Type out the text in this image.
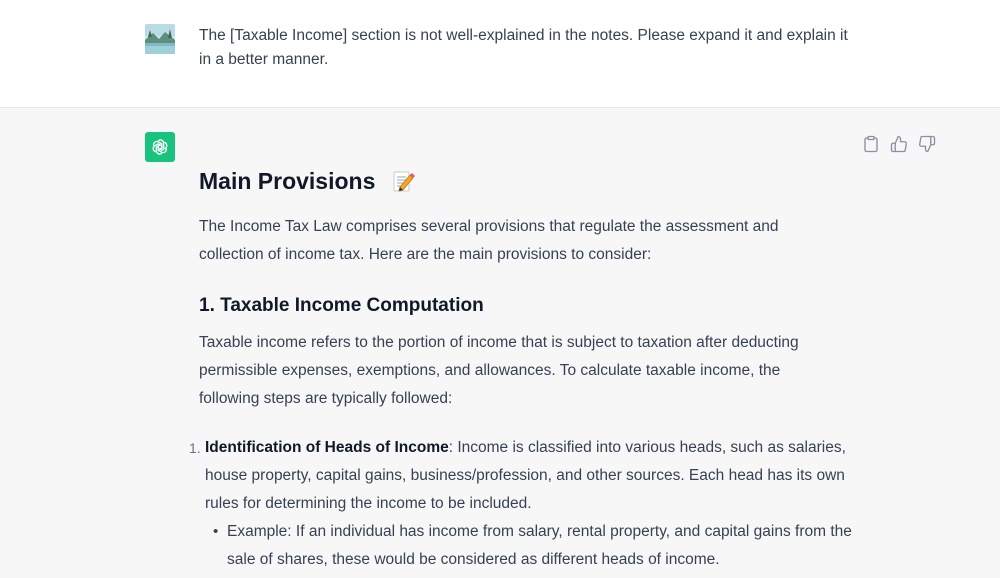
The [Taxable Income] section is not well-explained in the notes. Please expand it and explain it in a better manner.
Main Provisions
The Income Tax Law comprises several provisions that regulate the assessment and collection of income tax. Here are the main provisions to consider:
1. Taxable Income Computation
Taxable income refers to the portion of income that is subject to taxation after deducting permissible expenses, exemptions, and allowances. To calculate taxable income, the following steps are typically followed:
1. Identification of Heads of Income: Income is classified into various heads, such as salaries, house property, capital gains, business/profession, and other sources. Each head has its own rules for determining the income to be included.
• Example: If an individual has income from salary, rental property, and capital gains from the sale of shares, these would be considered as different heads of income.
